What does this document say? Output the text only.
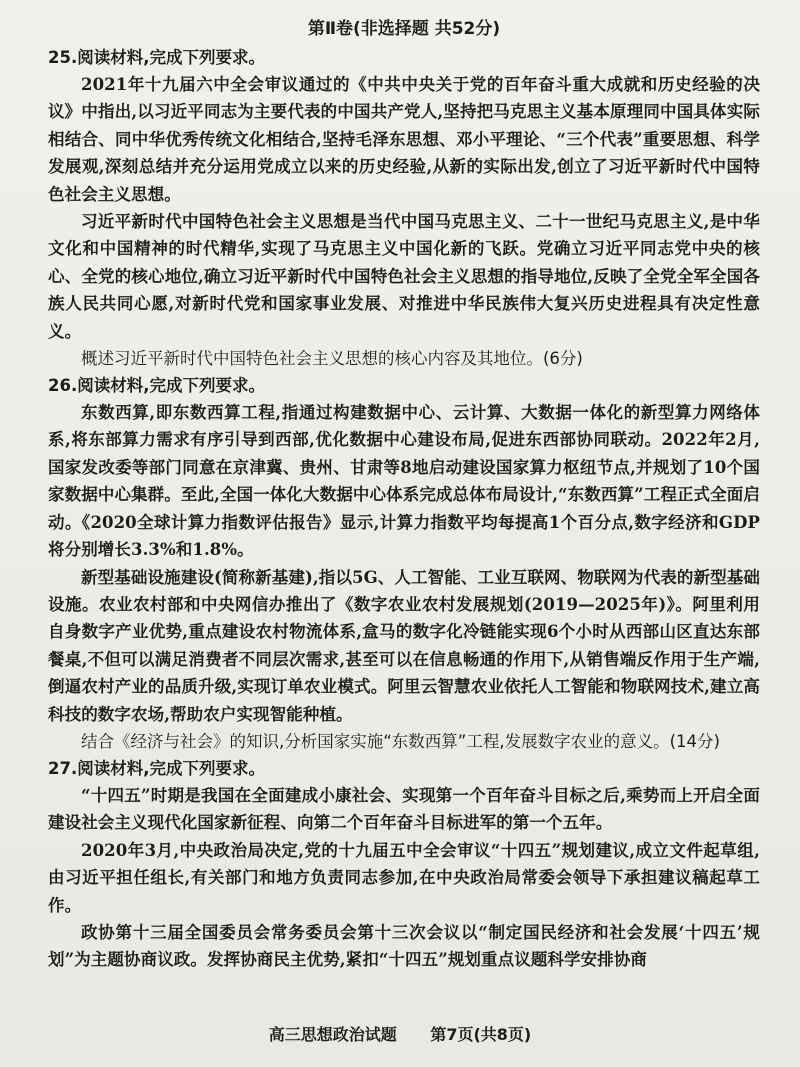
第Ⅱ卷(非选择题 共52分)

25.阅读材料,完成下列要求。

2021年十九届六中全会审议通过的《中共中央关于党的百年奋斗重大成就和历史经验的决议》中指出,以习近平同志为主要代表的中国共产党人,坚持把马克思主义基本原理同中国具体实际相结合、同中华优秀传统文化相结合,坚持毛泽东思想、邓小平理论、“三个代表”重要思想、科学发展观,深刻总结并充分运用党成立以来的历史经验,从新的实际出发,创立了习近平新时代中国特色社会主义思想。

习近平新时代中国特色社会主义思想是当代中国马克思主义、二十一世纪马克思主义,是中华文化和中国精神的时代精华,实现了马克思主义中国化新的飞跃。党确立习近平同志党中央的核心、全党的核心地位,确立习近平新时代中国特色社会主义思想的指导地位,反映了全党全军全国各族人民共同心愿,对新时代党和国家事业发展、对推进中华民族伟大复兴历史进程具有决定性意义。

概述习近平新时代中国特色社会主义思想的核心内容及其地位。(6分)

26.阅读材料,完成下列要求。

东数西算,即东数西算工程,指通过构建数据中心、云计算、大数据一体化的新型算力网络体系,将东部算力需求有序引导到西部,优化数据中心建设布局,促进东西部协同联动。2022年2月,国家发改委等部门同意在京津冀、贵州、甘肃等8地启动建设国家算力枢纽节点,并规划了10个国家数据中心集群。至此,全国一体化大数据中心体系完成总体布局设计,“东数西算”工程正式全面启动。《2020全球计算力指数评估报告》显示,计算力指数平均每提高1个百分点,数字经济和GDP将分别增长3.3%和1.8%。

新型基础设施建设(简称新基建),指以5G、人工智能、工业互联网、物联网为代表的新型基础设施。农业农村部和中央网信办推出了《数字农业农村发展规划(2019—2025年)》。阿里利用自身数字产业优势,重点建设农村物流体系,盒马的数字化冷链能实现6个小时从西部山区直达东部餐桌,不但可以满足消费者不同层次需求,甚至可以在信息畅通的作用下,从销售端反作用于生产端,倒逼农村产业的品质升级,实现订单农业模式。阿里云智慧农业依托人工智能和物联网技术,建立高科技的数字农场,帮助农户实现智能种植。

结合《经济与社会》的知识,分析国家实施“东数西算”工程,发展数字农业的意义。(14分)

27.阅读材料,完成下列要求。

“十四五”时期是我国在全面建成小康社会、实现第一个百年奋斗目标之后,乘势而上开启全面建设社会主义现代化国家新征程、向第二个百年奋斗目标进军的第一个五年。

2020年3月,中央政治局决定,党的十九届五中全会审议“十四五”规划建议,成立文件起草组,由习近平担任组长,有关部门和地方负责同志参加,在中央政治局常委会领导下承担建议稿起草工作。

政协第十三届全国委员会常务委员会第十三次会议以“制定国民经济和社会发展‘十四五’规划”为主题协商议政。发挥协商民主优势,紧扣“十四五”规划重点议题科学安排协商

高三思想政治试题 第7页(共8页)
